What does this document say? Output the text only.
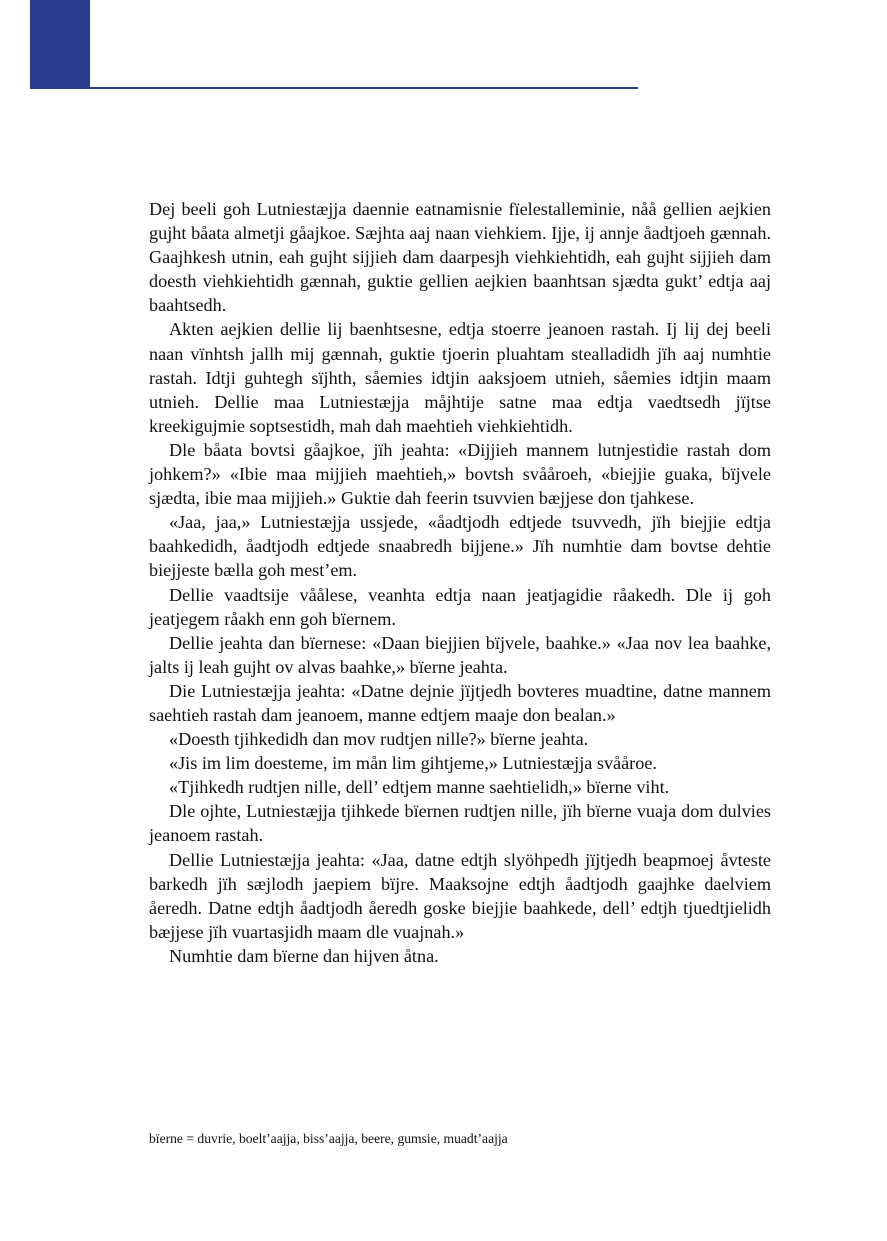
Dej beeli goh Lutniestæjja daennie eatnamisnie fïelestalleminie, nåå gellien aejkien gujht båata almetji gåajkoe. Sæjhta aaj naan viehkiem. Ijje, ij annje åadtjoeh gænnah. Gaajhkesh utnin, eah gujht sijjieh dam daarpesjh viehkiehtidh, eah gujht sijjieh dam doesth viehkiehtidh gænnah, guktie gellien aejkien baanhtsan sjædta gukt’ edtja aaj baahtsedh.

Akten aejkien dellie lij baenhtsesne, edtja stoerre jeanoen rastah. Ij lij dej beeli naan vïnhtsh jallh mij gænnah, guktie tjoerin pluahtam stealladidh jïh aaj numhtie rastah. Idtji guhtegh sïjhth, såemies idtjin aaksjoem utnieh, såemies idtjin maam utnieh. Dellie maa Lutniestæjja måjhtije satne maa edtja vaedtsedh jïjtse kreekigujmie soptsestidh, mah dah maehtieh viehkiehtidh.

Dle båata bovtsi gåajkoe, jïh jeahta: «Dijjieh mannem lutnjestidie rastah dom johkem?» «Ibie maa mijjieh maehtieh,» bovtsh svååroeh, «biejjie guaka, bïjvele sjædta, ibie maa mijjieh.» Guktie dah feerin tsuvvien bæjjese don tjahkese.

«Jaa, jaa,» Lutniestæjja ussjede, «åadtjodh edtjede tsuvvedh, jïh biejjie edtja baahkedidh, åadtjodh edtjede snaabredh bijjene.» Jïh numhtie dam bovtse dehtie biejjeste bælla goh mest’em.

Dellie vaadtsije våålese, veanhta edtja naan jeatjagidie råakedh. Dle ij goh jeatjegem råakh enn goh bïernem.

Dellie jeahta dan bïernese: «Daan biejjien bïjvele, baahke.» «Jaa nov lea baahke, jalts ij leah gujht ov alvas baahke,» bïerne jeahta.

Die Lutniestæjja jeahta: «Datne dejnie jïjtjedh bovteres muadtine, datne mannem saehtieh rastah dam jeanoem, manne edtjem maaje don bealan.»

«Doesth tjihkedidh dan mov rudtjen nille?» bïerne jeahta.

«Jis im lim doesteme, im mån lim gihtjeme,» Lutniestæjja svååroe.

«Tjihkedh rudtjen nille, dell’ edtjem manne saehtielidh,» bïerne viht.

Dle ojhte, Lutniestæjja tjihkede bïernen rudtjen nille, jïh bïerne vuaja dom dulvies jeanoem rastah.

Dellie Lutniestæjja jeahta: «Jaa, datne edtjh slyöhpedh jïjtjedh beapmoej åvteste barkedh jïh sæjlodh jaepiem bïjre. Maaksojne edtjh åadtjodh gaajhke daelviem åeredh. Datne edtjh åadtjodh åeredh goske biejjie baahkede, dell’ edtjh tjuedtjielidh bæjjese jïh vuartasjidh maam dle vuajnah.»

Numhtie dam bïerne dan hijven åtna.

bïerne = duvrie, boelt’aajja, biss’aajja, beere, gumsie, muadt’aajja
